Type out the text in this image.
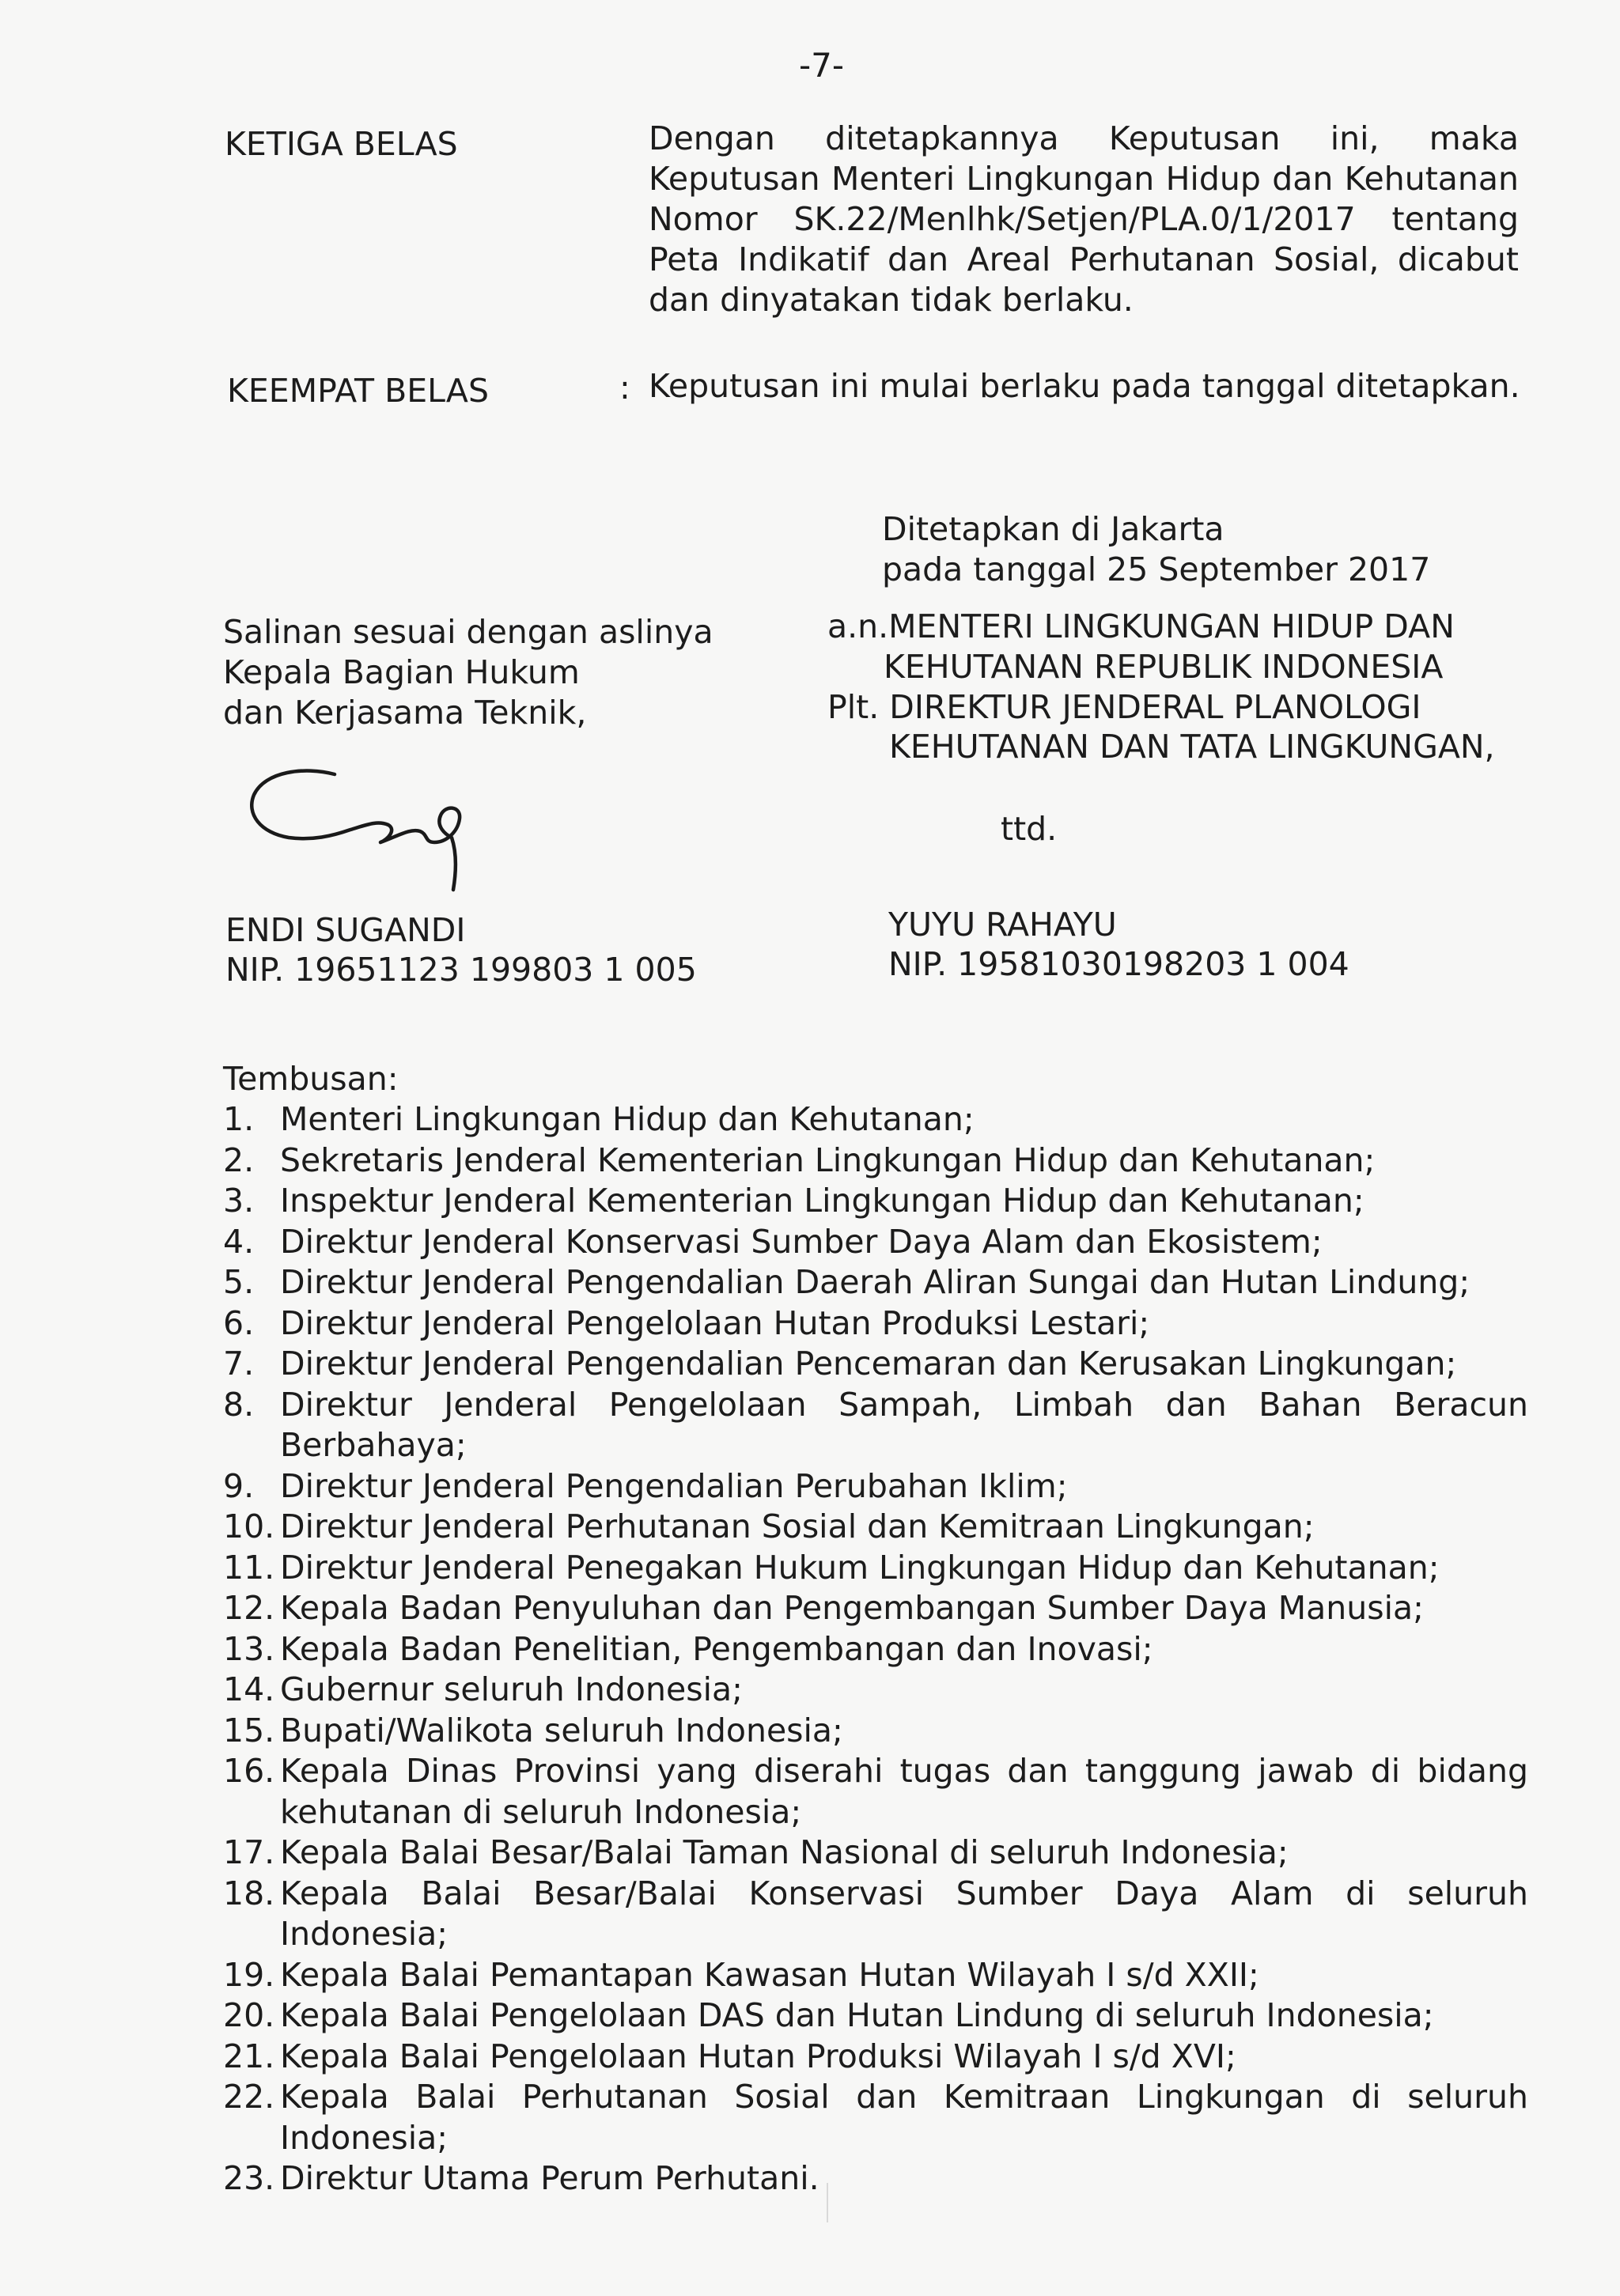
-7-
KETIGA BELAS	Dengan ditetapkannya Keputusan ini, maka Keputusan Menteri Lingkungan Hidup dan Kehutanan Nomor SK.22/Menlhk/Setjen/PLA.0/1/2017 tentang Peta Indikatif dan Areal Perhutanan Sosial, dicabut dan dinyatakan tidak berlaku.
KEEMPAT BELAS	: Keputusan ini mulai berlaku pada tanggal ditetapkan.
Ditetapkan di Jakarta
pada tanggal 25 September 2017
a.n.MENTERI LINGKUNGAN HIDUP DAN
KEHUTANAN REPUBLIK INDONESIA
Plt. DIREKTUR JENDERAL PLANOLOGI
KEHUTANAN DAN TATA LINGKUNGAN,
ttd.
YUYU RAHAYU
NIP. 19581030198203 1 004
Salinan sesuai dengan aslinya
Kepala Bagian Hukum
dan Kerjasama Teknik,
ENDI SUGANDI
NIP. 19651123 199803 1 005
Tembusan:
1. Menteri Lingkungan Hidup dan Kehutanan;
2. Sekretaris Jenderal Kementerian Lingkungan Hidup dan Kehutanan;
3. Inspektur Jenderal Kementerian Lingkungan Hidup dan Kehutanan;
4. Direktur Jenderal Konservasi Sumber Daya Alam dan Ekosistem;
5. Direktur Jenderal Pengendalian Daerah Aliran Sungai dan Hutan Lindung;
6. Direktur Jenderal Pengelolaan Hutan Produksi Lestari;
7. Direktur Jenderal Pengendalian Pencemaran dan Kerusakan Lingkungan;
8. Direktur Jenderal Pengelolaan Sampah, Limbah dan Bahan Beracun Berbahaya;
9. Direktur Jenderal Pengendalian Perubahan Iklim;
10. Direktur Jenderal Perhutanan Sosial dan Kemitraan Lingkungan;
11. Direktur Jenderal Penegakan Hukum Lingkungan Hidup dan Kehutanan;
12. Kepala Badan Penyuluhan dan Pengembangan Sumber Daya Manusia;
13. Kepala Badan Penelitian, Pengembangan dan Inovasi;
14. Gubernur seluruh Indonesia;
15. Bupati/Walikota seluruh Indonesia;
16. Kepala Dinas Provinsi yang diserahi tugas dan tanggung jawab di bidang kehutanan di seluruh Indonesia;
17. Kepala Balai Besar/Balai Taman Nasional di seluruh Indonesia;
18. Kepala Balai Besar/Balai Konservasi Sumber Daya Alam di seluruh Indonesia;
19. Kepala Balai Pemantapan Kawasan Hutan Wilayah I s/d XXII;
20. Kepala Balai Pengelolaan DAS dan Hutan Lindung di seluruh Indonesia;
21. Kepala Balai Pengelolaan Hutan Produksi Wilayah I s/d XVI;
22. Kepala Balai Perhutanan Sosial dan Kemitraan Lingkungan di seluruh Indonesia;
23. Direktur Utama Perum Perhutani.
